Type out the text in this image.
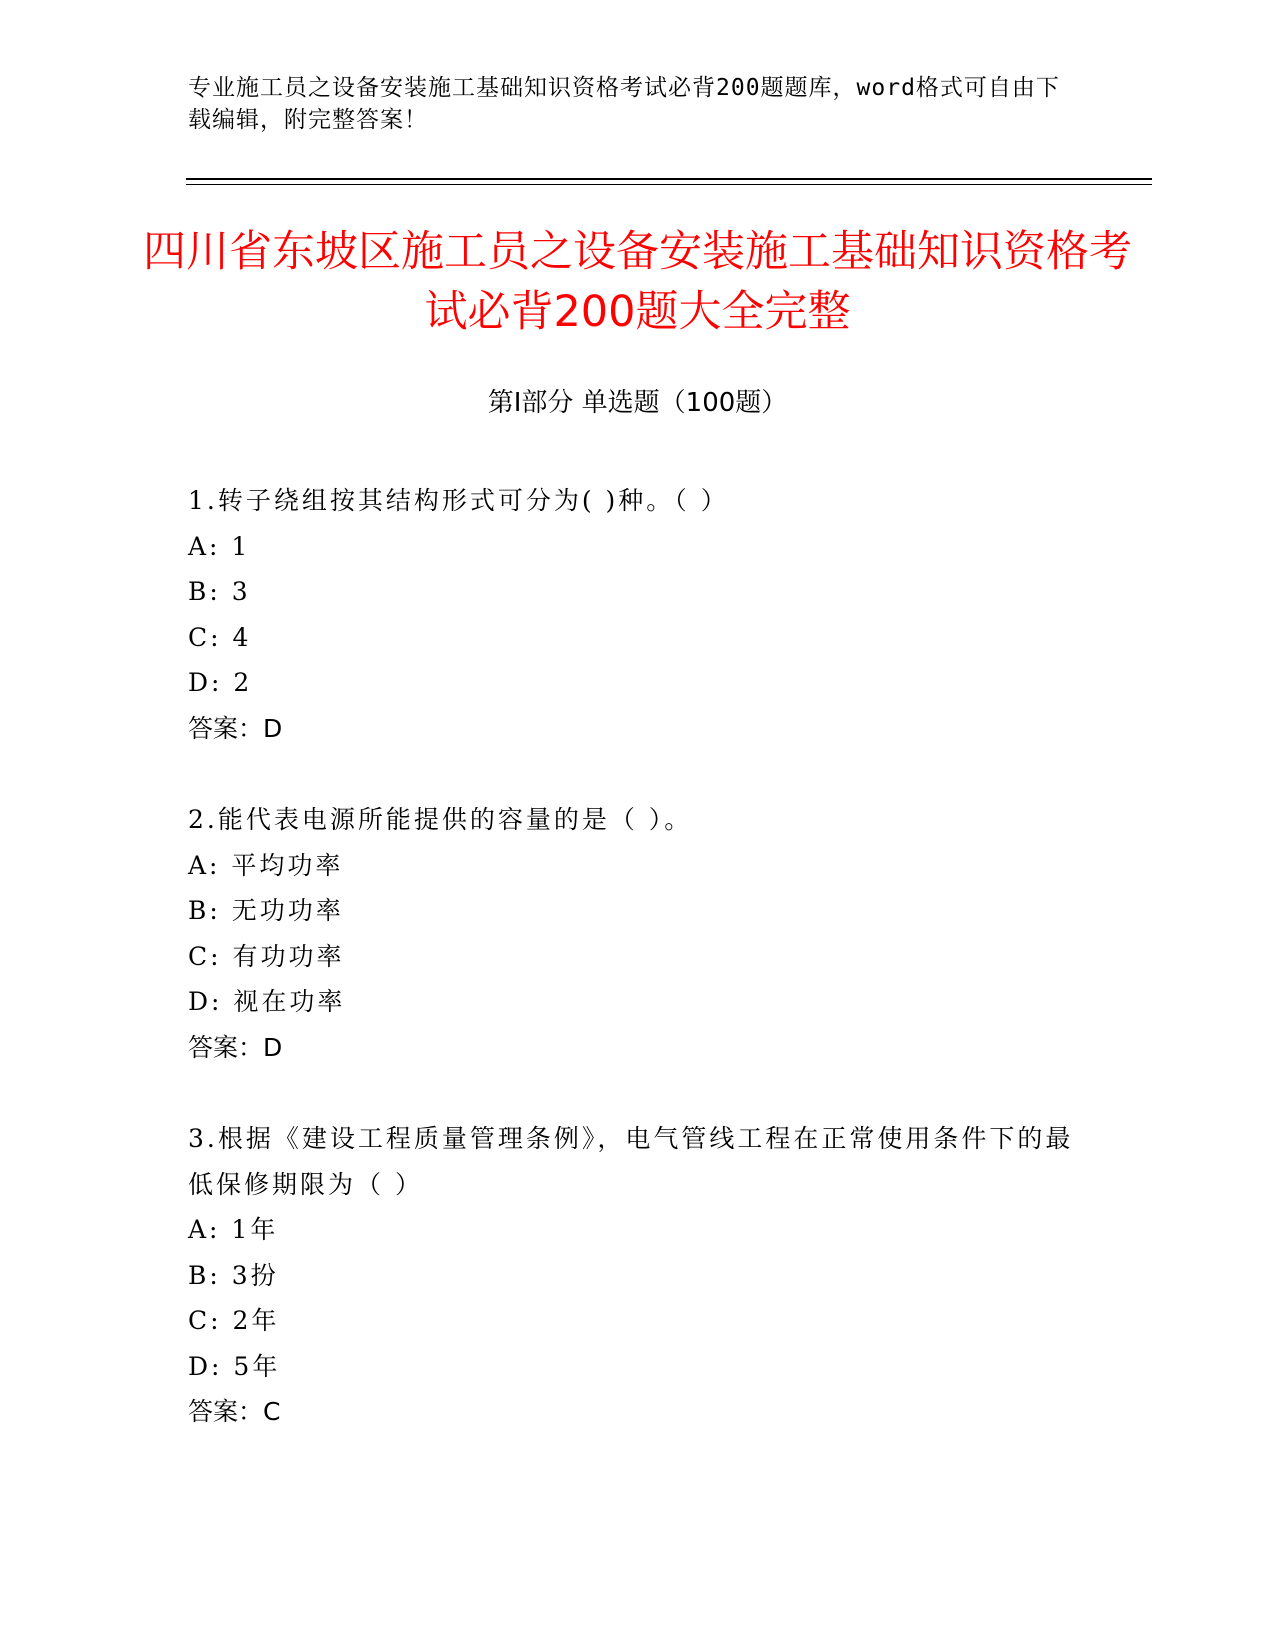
专业施工员之设备安装施工基础知识资格考试必背200题题库，word格式可自由下载编辑，附完整答案！
四川省东坡区施工员之设备安装施工基础知识资格考试必背200题大全完整
第I部分 单选题（100题）
1.转子绕组按其结构形式可分为( )种。（ ）
A: 1
B: 3
C: 4
D: 2
答案：D
2.能代表电源所能提供的容量的是（ ）。
A: 平均功率
B: 无功功率
C: 有功功率
D: 视在功率
答案：D
3.根据《建设工程质量管理条例》，电气管线工程在正常使用条件下的最低保修期限为（ ）
A: 1年
B: 3扮
C: 2年
D: 5年
答案：C
